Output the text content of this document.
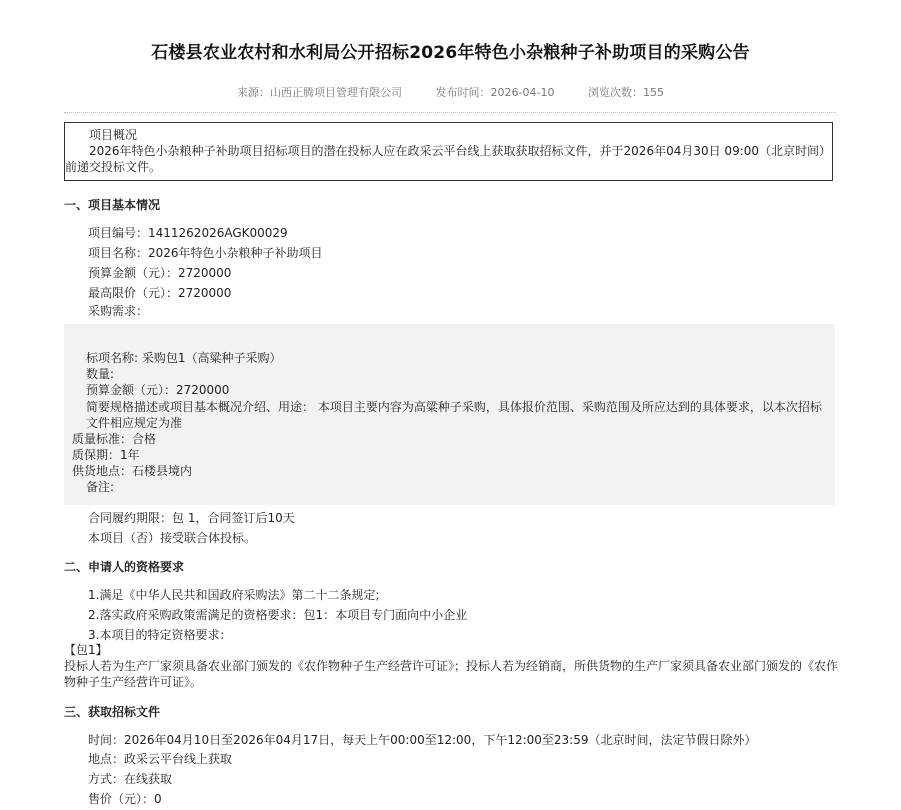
石楼县农业农村和水利局公开招标2026年特色小杂粮种子补助项目的采购公告
来源：山西正腾项目管理有限公司	发布时间：2026-04-10	浏览次数：155
项目概况
2026年特色小杂粮种子补助项目招标项目的潜在投标人应在政采云平台线上获取获取招标文件，并于2026年04月30日 09:00（北京时间）前递交投标文件。
一、项目基本情况
项目编号：1411262026AGK00029
项目名称：2026年特色小杂粮种子补助项目
预算金额（元）：2720000
最高限价（元）：2720000
采购需求：
标项名称: 采购包1（高粱种子采购）
数量:
预算金额（元）：2720000
简要规格描述或项目基本概况介绍、用途： 本项目主要内容为高粱种子采购，具体报价范围、采购范围及所应达到的具体要求，以本次招标文件相应规定为准
质量标准：合格
质保期：1年
供货地点：石楼县境内
备注:
合同履约期限：包 1，合同签订后10天
本项目（否）接受联合体投标。
二、申请人的资格要求
1.满足《中华人民共和国政府采购法》第二十二条规定;
2.落实政府采购政策需满足的资格要求：包1：本项目专门面向中小企业
3.本项目的特定资格要求：
【包1】
投标人若为生产厂家须具备农业部门颁发的《农作物种子生产经营许可证》；投标人若为经销商，所供货物的生产厂家须具备农业部门颁发的《农作物种子生产经营许可证》。
三、获取招标文件
时间：2026年04月10日至2026年04月17日，每天上午00:00至12:00，下午12:00至23:59（北京时间，法定节假日除外）
地点：政采云平台线上获取
方式：在线获取
售价（元）：0
